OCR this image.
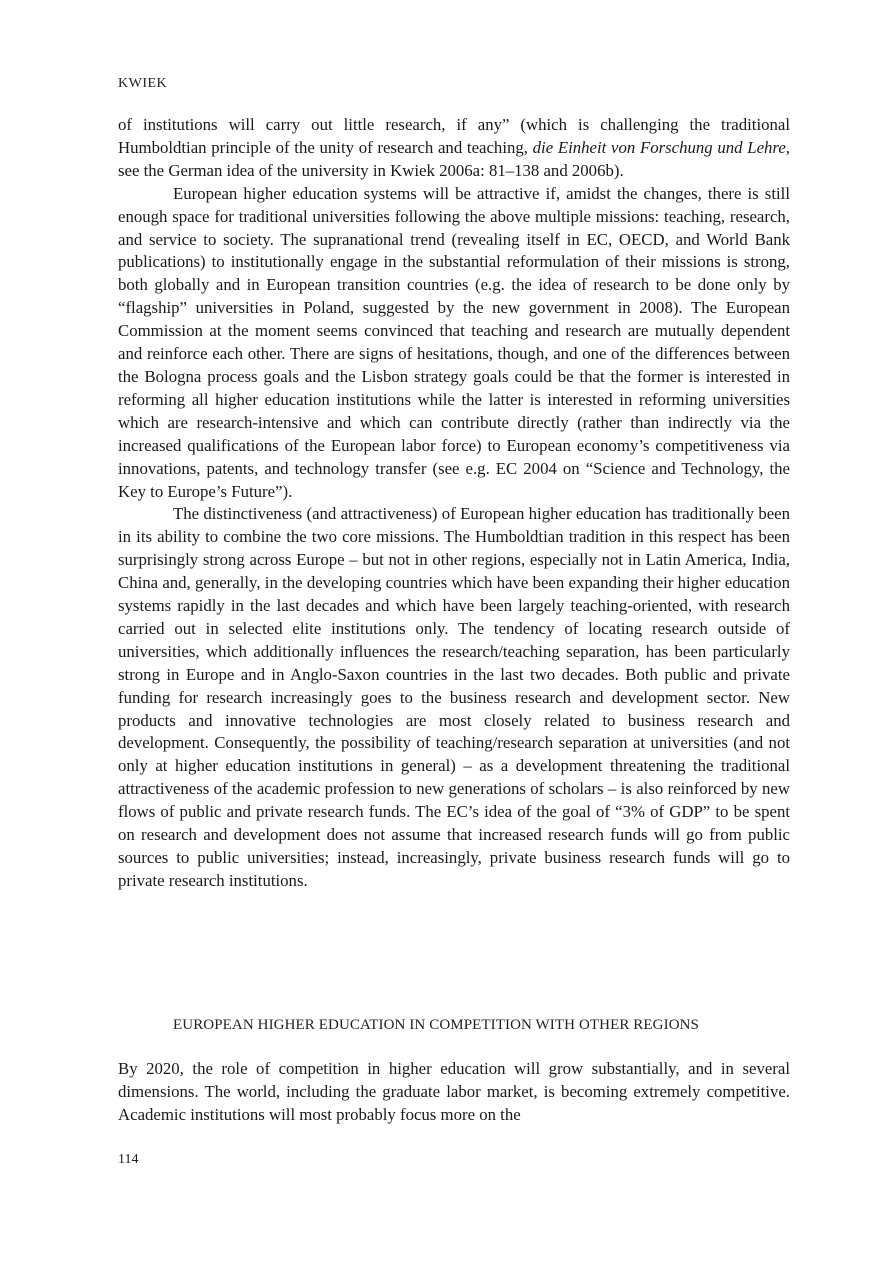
KWIEK

of institutions will carry out little research, if any” (which is challenging the traditional Humboldtian principle of the unity of research and teaching, die Einheit von Forschung und Lehre, see the German idea of the university in Kwiek 2006a: 81–138 and 2006b).

European higher education systems will be attractive if, amidst the changes, there is still enough space for traditional universities following the above multiple missions: teaching, research, and service to society. The supranational trend (revealing itself in EC, OECD, and World Bank publications) to institutionally engage in the substantial reformulation of their missions is strong, both globally and in European transition countries (e.g. the idea of research to be done only by “flagship” universities in Poland, suggested by the new government in 2008). The European Commission at the moment seems convinced that teaching and research are mutually dependent and reinforce each other. There are signs of hesitations, though, and one of the differences between the Bologna process goals and the Lisbon strategy goals could be that the former is interested in reforming all higher education institutions while the latter is interested in reforming universities which are research-intensive and which can contribute directly (rather than indirectly via the increased qualifications of the European labor force) to European economy’s competitiveness via innovations, patents, and technology transfer (see e.g. EC 2004 on “Science and Technology, the Key to Europe’s Future”).

The distinctiveness (and attractiveness) of European higher education has traditionally been in its ability to combine the two core missions. The Humboldtian tradition in this respect has been surprisingly strong across Europe – but not in other regions, especially not in Latin America, India, China and, generally, in the developing countries which have been expanding their higher education systems rapidly in the last decades and which have been largely teaching-oriented, with research carried out in selected elite institutions only. The tendency of locating research outside of universities, which additionally influences the research/teaching separation, has been particularly strong in Europe and in Anglo-Saxon countries in the last two decades. Both public and private funding for research increasingly goes to the business research and development sector. New products and innovative technologies are most closely related to business research and development. Consequently, the possibility of teaching/research separation at universities (and not only at higher education institutions in general) – as a development threatening the traditional attractiveness of the academic profession to new generations of scholars – is also reinforced by new flows of public and private research funds. The EC’s idea of the goal of “3% of GDP” to be spent on research and development does not assume that increased research funds will go from public sources to public universities; instead, increasingly, private business research funds will go to private research institutions.

EUROPEAN HIGHER EDUCATION IN COMPETITION WITH OTHER REGIONS

By 2020, the role of competition in higher education will grow substantially, and in several dimensions. The world, including the graduate labor market, is becoming extremely competitive. Academic institutions will most probably focus more on the

114
